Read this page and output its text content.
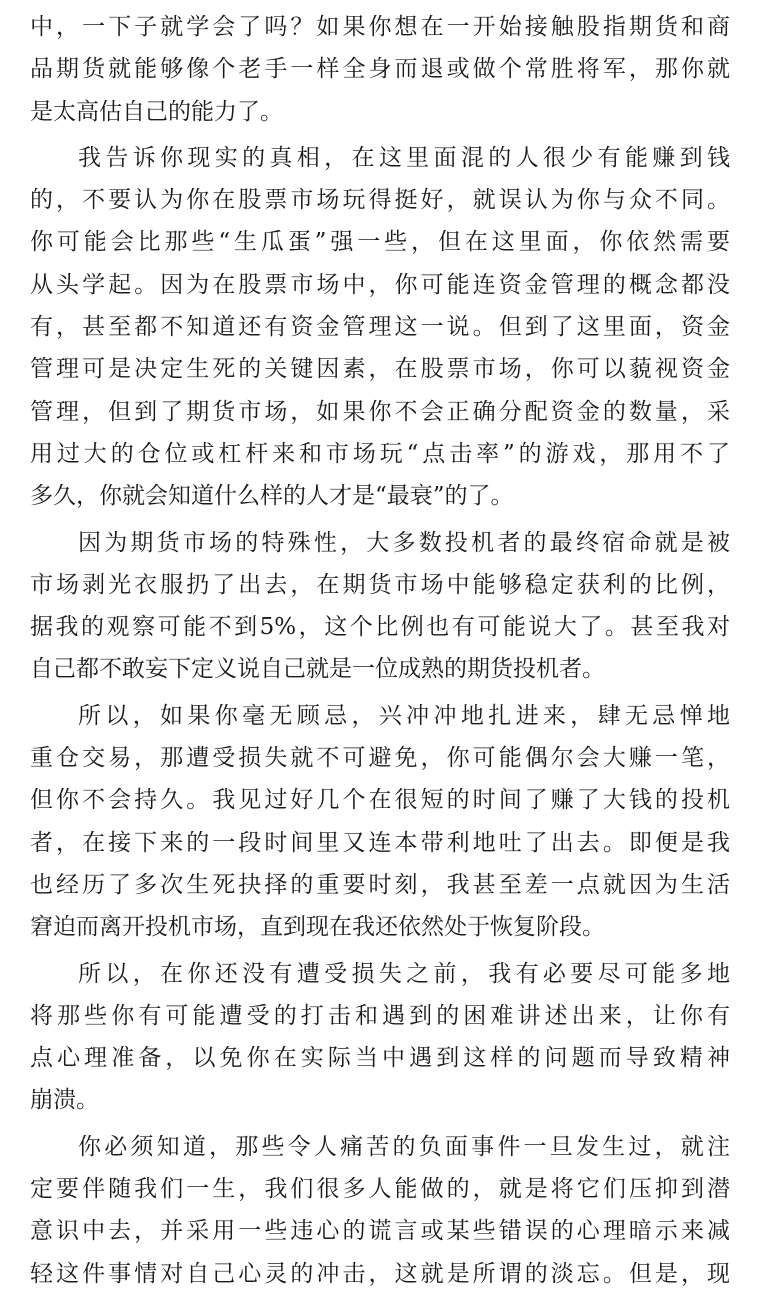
中，一下子就学会了吗？如果你想在一开始接触股指期货和商
品期货就能够像个老手一样全身而退或做个常胜将军，那你就
是太高估自己的能力了。
我告诉你现实的真相，在这里面混的人很少有能赚到钱
的，不要认为你在股票市场玩得挺好，就误认为你与众不同。
你可能会比那些“生瓜蛋”强一些，但在这里面，你依然需要
从头学起。因为在股票市场中，你可能连资金管理的概念都没
有，甚至都不知道还有资金管理这一说。但到了这里面，资金
管理可是决定生死的关键因素，在股票市场，你可以藐视资金
管理，但到了期货市场，如果你不会正确分配资金的数量，采
用过大的仓位或杠杆来和市场玩“点击率”的游戏，那用不了
多久，你就会知道什么样的人才是“最衰”的了。
因为期货市场的特殊性，大多数投机者的最终宿命就是被
市场剥光衣服扔了出去，在期货市场中能够稳定获利的比例，
据我的观察可能不到5%，这个比例也有可能说大了。甚至我对
自己都不敢妄下定义说自己就是一位成熟的期货投机者。
所以，如果你毫无顾忌，兴冲冲地扎进来，肆无忌惮地
重仓交易，那遭受损失就不可避免，你可能偶尔会大赚一笔，
但你不会持久。我见过好几个在很短的时间了赚了大钱的投机
者，在接下来的一段时间里又连本带利地吐了出去。即便是我
也经历了多次生死抉择的重要时刻，我甚至差一点就因为生活
窘迫而离开投机市场，直到现在我还依然处于恢复阶段。
所以，在你还没有遭受损失之前，我有必要尽可能多地
将那些你有可能遭受的打击和遇到的困难讲述出来，让你有
点心理准备，以免你在实际当中遇到这样的问题而导致精神
崩溃。
你必须知道，那些令人痛苦的负面事件一旦发生过，就注
定要伴随我们一生，我们很多人能做的，就是将它们压抑到潜
意识中去，并采用一些违心的谎言或某些错误的心理暗示来减
轻这件事情对自己心灵的冲击，这就是所谓的淡忘。但是，现
